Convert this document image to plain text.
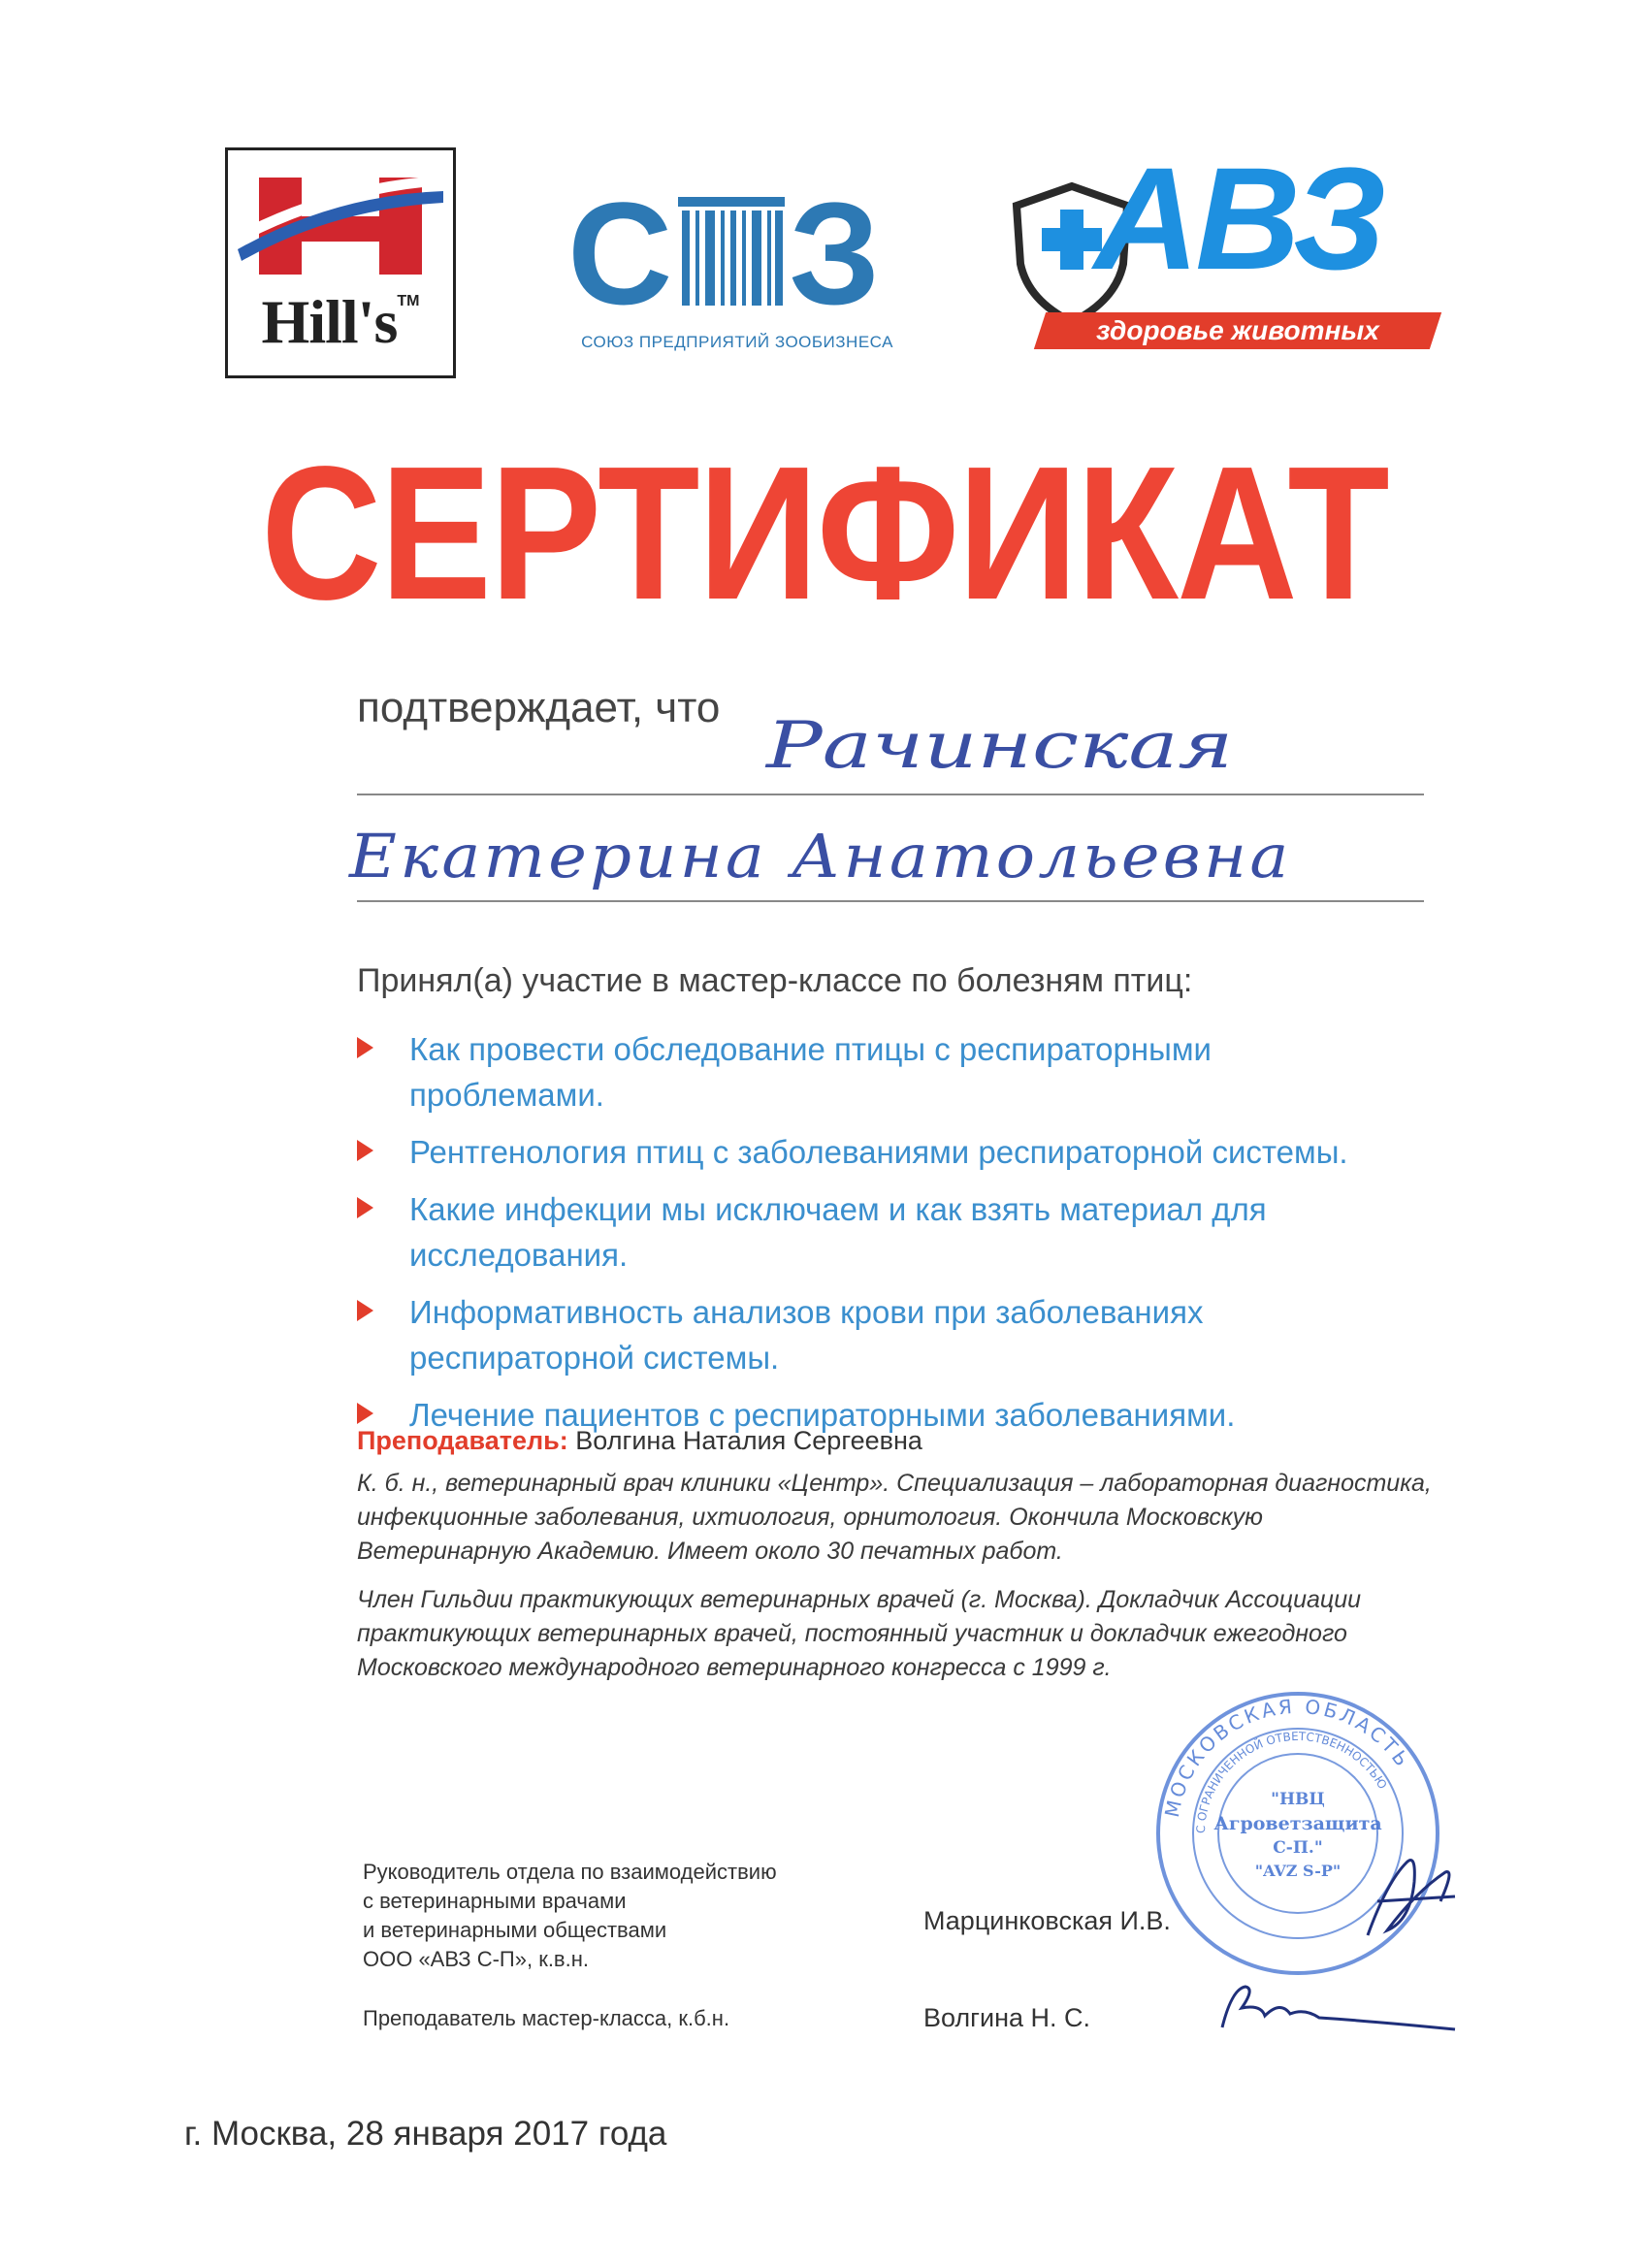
Hill's™ С З
СОЮЗ ПРЕДПРИЯТИЙ ЗООБИЗНЕСА
АВЗ
здоровье животных
СЕРТИФИКАТ
подтверждает, что
Рачинская
Екатерина Анатольевна
Принял(а) участие в мастер-классе по болезням птиц:
Как провести обследование птицы с респираторными проблемами.
Рентгенология птиц с заболеваниями респираторной системы.
Какие инфекции мы исключаем и как взять материал для исследования.
Информативность анализов крови при заболеваниях респираторной системы.
Лечение пациентов с респираторными заболеваниями.
Преподаватель: Волгина Наталия Сергеевна
К. б. н., ветеринарный врач клиники «Центр». Специализация – лабораторная диагностика, инфекционные заболевания, ихтиология, орнитология. Окончила Московскую Ветеринарную Академию. Имеет около 30 печатных работ.
Член Гильдии практикующих ветеринарных врачей (г. Москва). Докладчик Ассоциации практикующих ветеринарных врачей, постоянный участник и докладчик ежегодного Московского международного ветеринарного конгресса с 1999 г.
МОСКОВСКАЯ ОБЛАСТЬ
С ОГРАНИЧЕННОЙ ОТВЕТСТВЕННОСТЬЮ
"НВЦ
Агроветзащита
С-П."
"AVZ S-P"
Руководитель отдела по взаимодействию
с ветеринарными врачами
и ветеринарными обществами
ООО «АВЗ С-П», к.в.н.
Марцинковская И.В.
Преподаватель мастер-класса, к.б.н.	Волгина Н. С.
г. Москва, 28 января 2017 года
